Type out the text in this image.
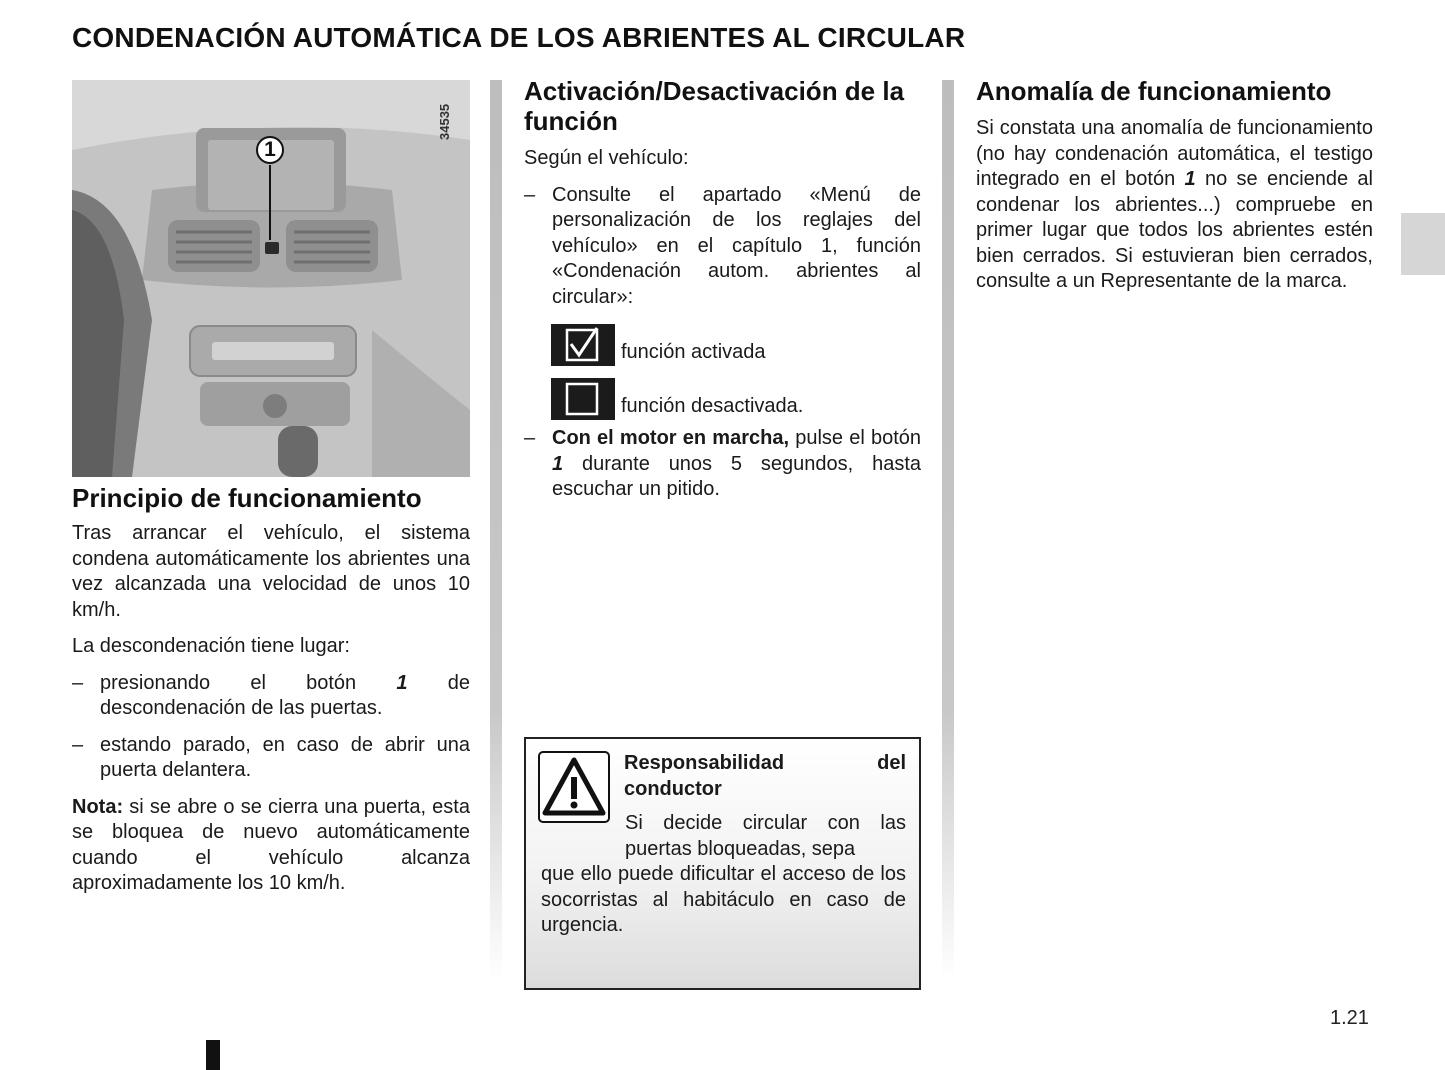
CONDENACIÓN AUTOMÁTICA DE LOS ABRIENTES AL CIRCULAR
1
34535
Principio de funcionamiento

Tras arrancar el vehículo, el sistema condena automáticamente los abrientes una vez alcanzada una velocidad de unos 10 km/h.

La descondenación tiene lugar:

– presionando el botón 1 de descondenación de las puertas.
– estando parado, en caso de abrir una puerta delantera.

Nota: si se abre o se cierra una puerta, esta se bloquea de nuevo automáticamente cuando el vehículo alcanza aproximadamente los 10 km/h.

Activación/Desactivación de la función

Según el vehículo:

– Consulte el apartado «Menú de personalización de los reglajes del vehículo» en el capítulo 1, función «Condenación autom. abrientes al circular»:
función activada
función desactivada.
– Con el motor en marcha, pulse el botón 1 durante unos 5 segundos, hasta escuchar un pitido.
Responsabilidad del conductor
Si decide circular con las puertas bloqueadas, sepa
que ello puede dificultar el acceso de los socorristas al habitáculo en caso de urgencia.
Anomalía de funcionamiento

Si constata una anomalía de funcionamiento (no hay condenación automática, el testigo integrado en el botón 1 no se enciende al condenar los abrientes...) compruebe en primer lugar que todos los abrientes estén bien cerrados. Si estuvieran bien cerrados, consulte a un Representante de la marca.

1.21
